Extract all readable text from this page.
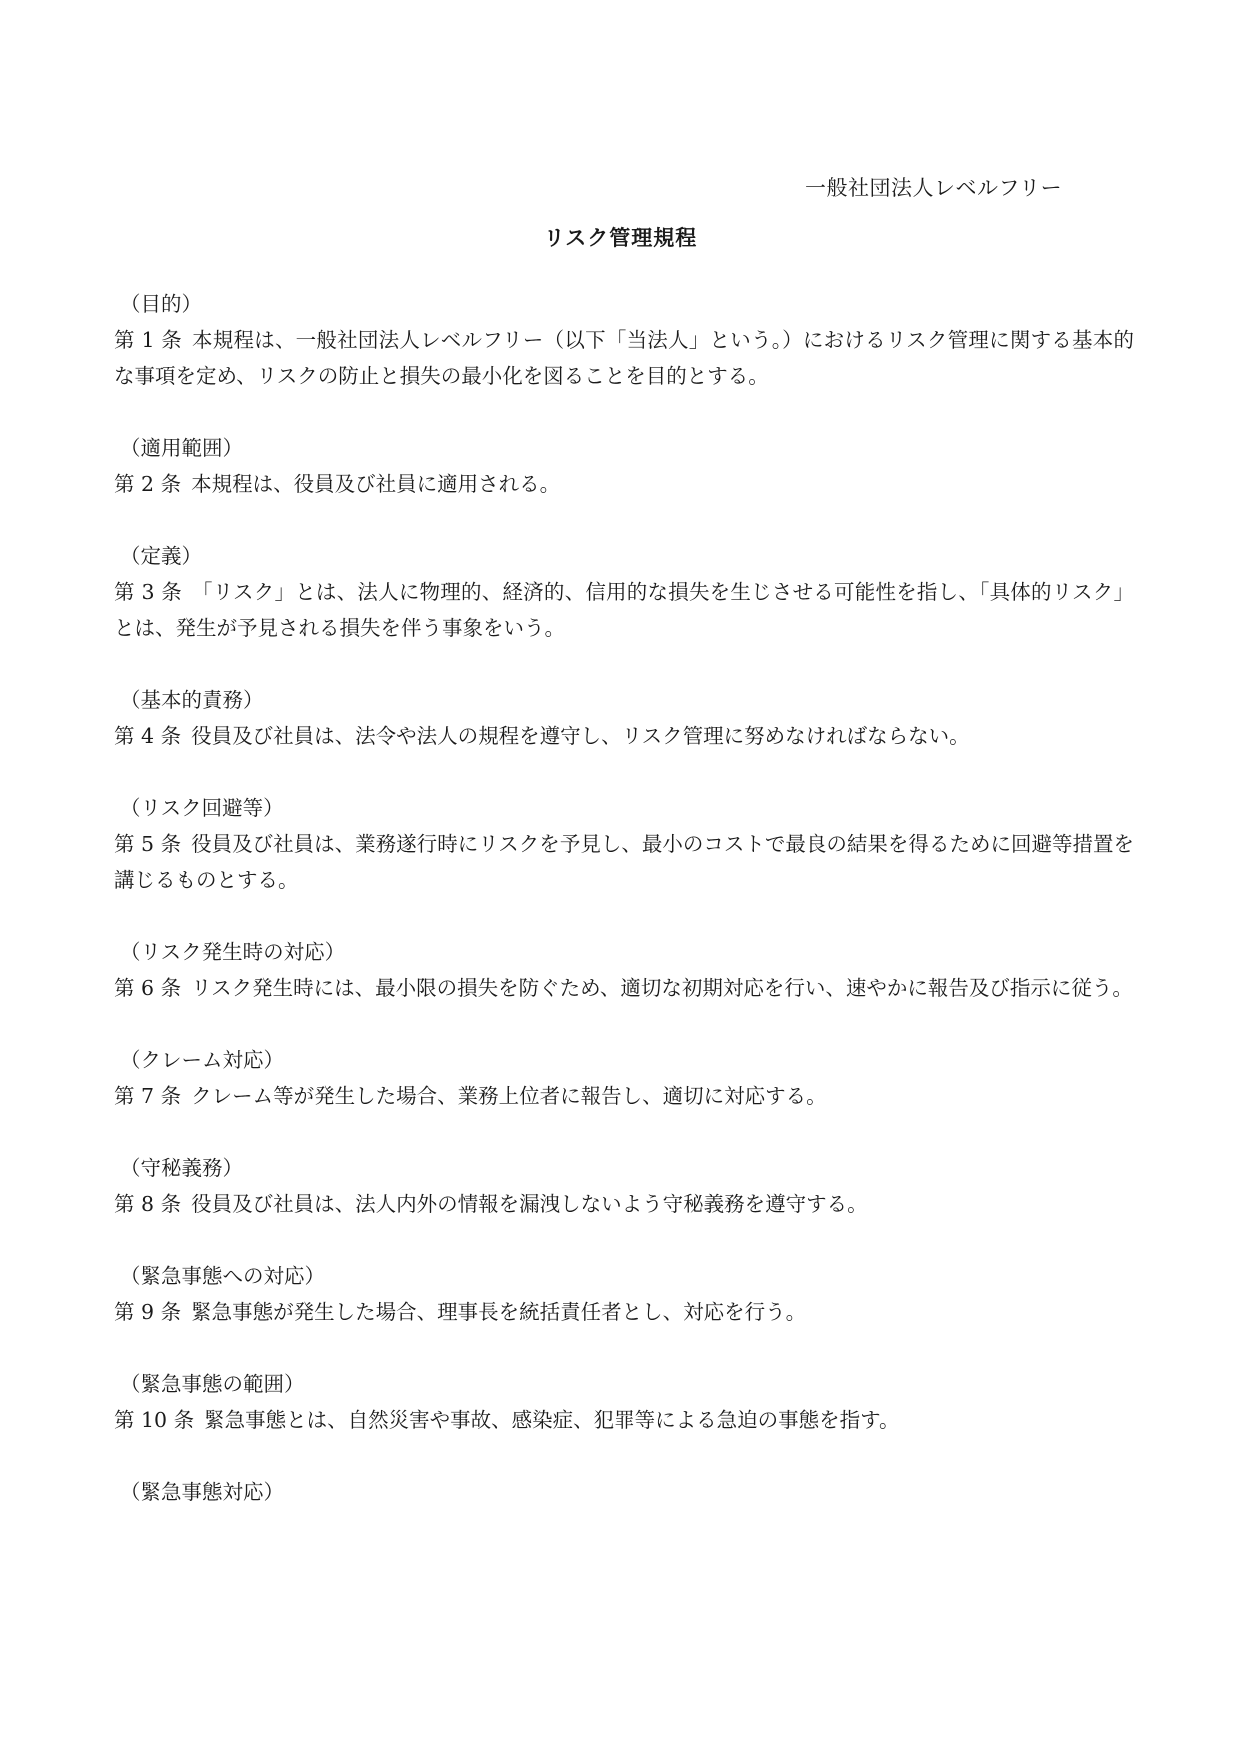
一般社団法人レベルフリー
リスク管理規程
（目的）
第 1 条 本規程は、一般社団法人レベルフリー（以下「当法人」という。）におけるリスク管理に関する基本的な事項を定め、リスクの防止と損失の最小化を図ることを目的とする。
（適用範囲）
第 2 条 本規程は、役員及び社員に適用される。
（定義）
第 3 条 「リスク」とは、法人に物理的、経済的、信用的な損失を生じさせる可能性を指し、「具体的リスク」とは、発生が予見される損失を伴う事象をいう。
（基本的責務）
第 4 条 役員及び社員は、法令や法人の規程を遵守し、リスク管理に努めなければならない。
（リスク回避等）
第 5 条 役員及び社員は、業務遂行時にリスクを予見し、最小のコストで最良の結果を得るために回避等措置を講じるものとする。
（リスク発生時の対応）
第 6 条 リスク発生時には、最小限の損失を防ぐため、適切な初期対応を行い、速やかに報告及び指示に従う。
（クレーム対応）
第 7 条 クレーム等が発生した場合、業務上位者に報告し、適切に対応する。
（守秘義務）
第 8 条 役員及び社員は、法人内外の情報を漏洩しないよう守秘義務を遵守する。
（緊急事態への対応）
第 9 条 緊急事態が発生した場合、理事長を統括責任者とし、対応を行う。
（緊急事態の範囲）
第 10 条 緊急事態とは、自然災害や事故、感染症、犯罪等による急迫の事態を指す。
（緊急事態対応）
